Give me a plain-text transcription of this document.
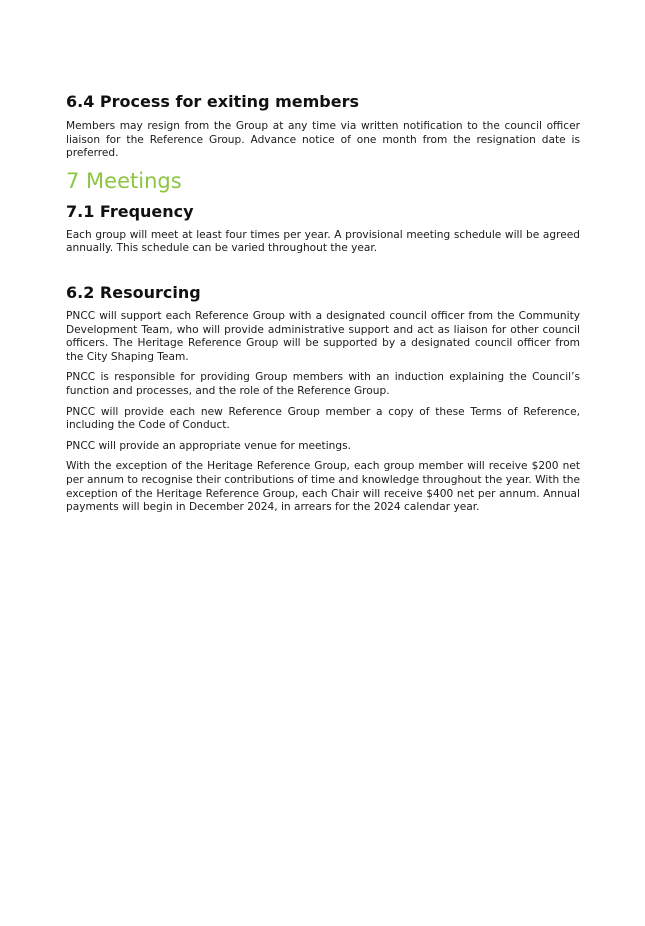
6.4 Process for exiting members

Members may resign from the Group at any time via written notification to the council officer liaison for the Reference Group. Advance notice of one month from the resignation date is preferred.

7 Meetings
7.1 Frequency

Each group will meet at least four times per year. A provisional meeting schedule will be agreed annually. This schedule can be varied throughout the year.

6.2 Resourcing

PNCC will support each Reference Group with a designated council officer from the Community Development Team, who will provide administrative support and act as liaison for other council officers. The Heritage Reference Group will be supported by a designated council officer from the City Shaping Team.

PNCC is responsible for providing Group members with an induction explaining the Council’s function and processes, and the role of the Reference Group.

PNCC will provide each new Reference Group member a copy of these Terms of Reference, including the Code of Conduct.

PNCC will provide an appropriate venue for meetings.

With the exception of the Heritage Reference Group, each group member will receive $200 net per annum to recognise their contributions of time and knowledge throughout the year. With the exception of the Heritage Reference Group, each Chair will receive $400 net per annum. Annual payments will begin in December 2024, in arrears for the 2024 calendar year.
